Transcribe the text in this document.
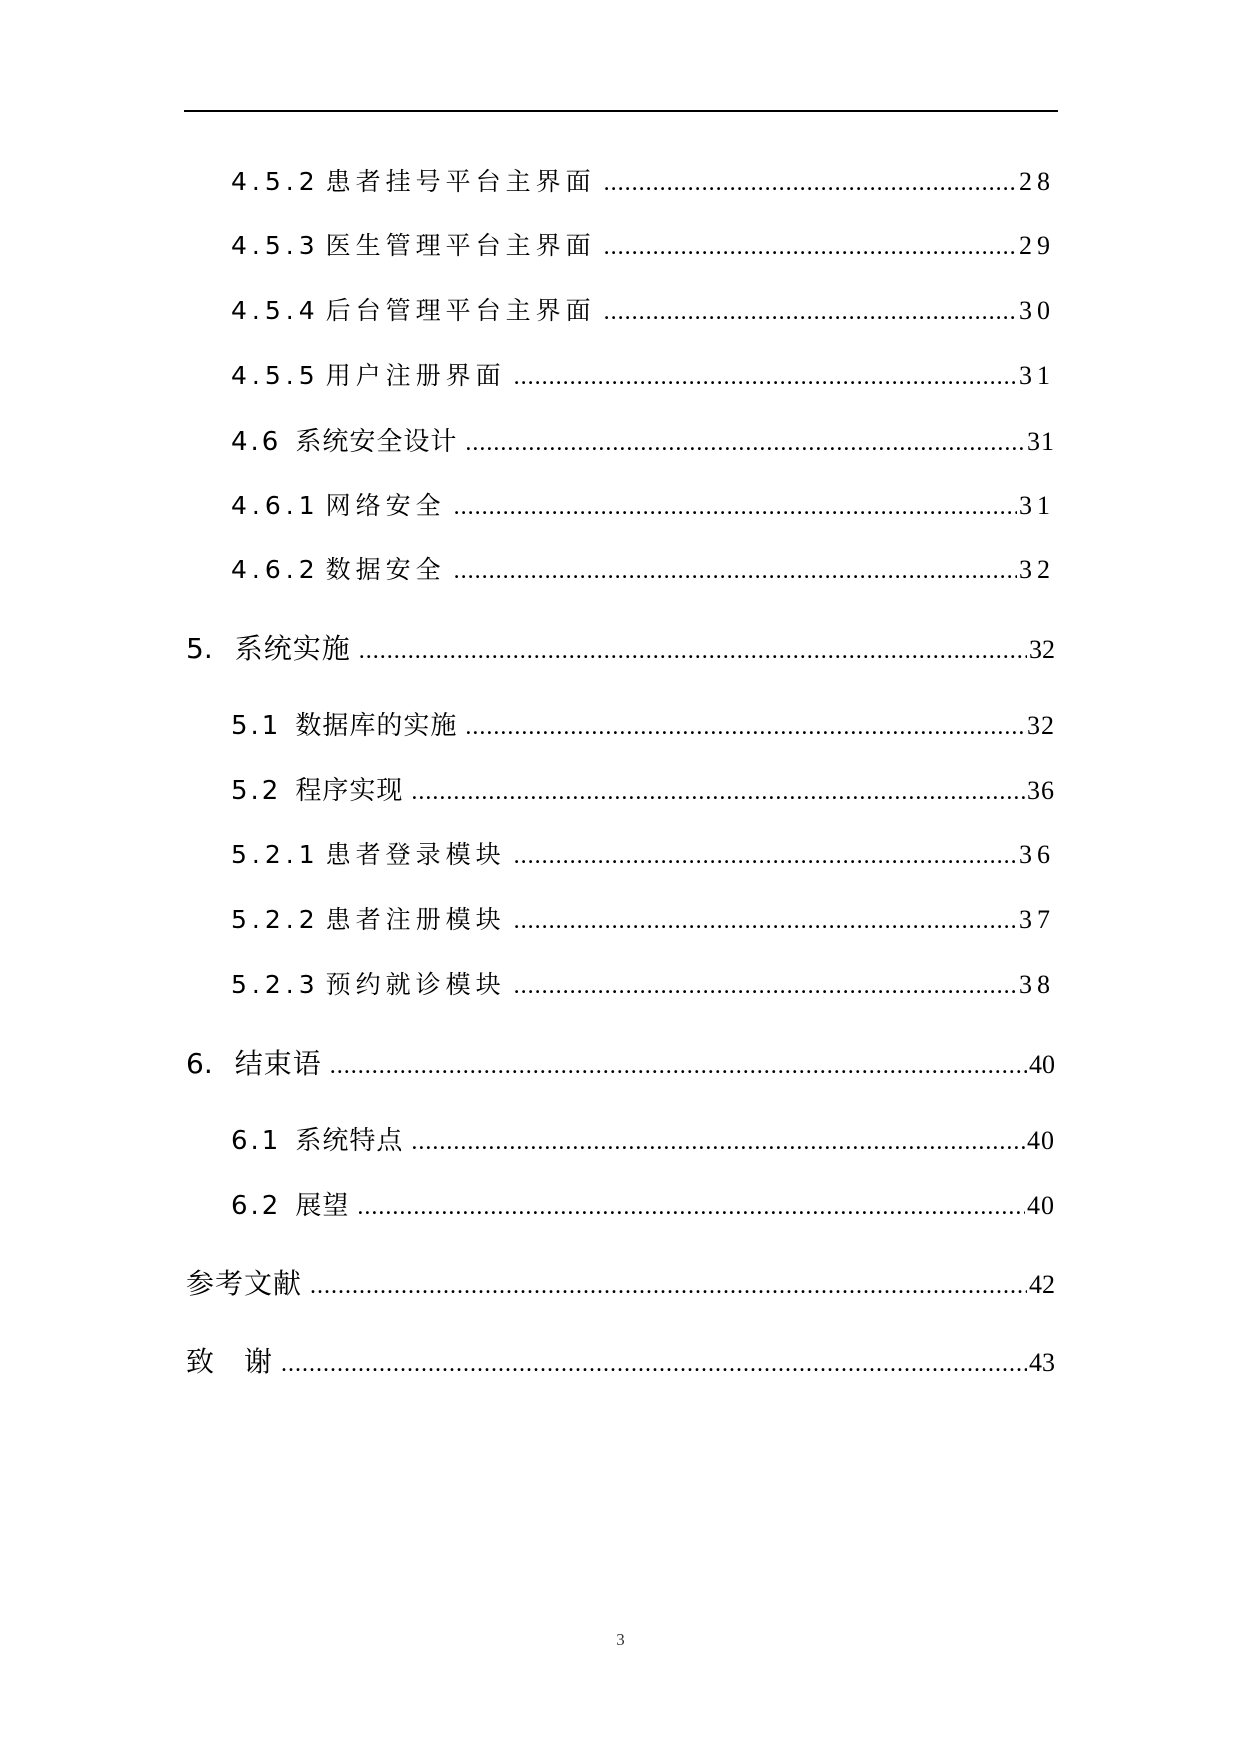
4.5.2 患者挂号平台主界面 .....	28
4.5.3 医生管理平台主界面 .....	29
4.5.4 后台管理平台主界面 .....	30
4.5.5 用户注册界面 .....	31
4.6 系统安全设计 .....	31
4.6.1 网络安全 .....	31
4.6.2 数据安全 .....	32
5. 系统实施 .....	32
5.1 数据库的实施 .....	32
5.2 程序实现 .....	36
5.2.1 患者登录模块 .....	36
5.2.2 患者注册模块 .....	37
5.2.3 预约就诊模块 .....	38
6. 结束语 .....	40
6.1 系统特点 .....	40
6.2 展望 .....	40
参考文献 .....	42
致　谢 .....	43
3
